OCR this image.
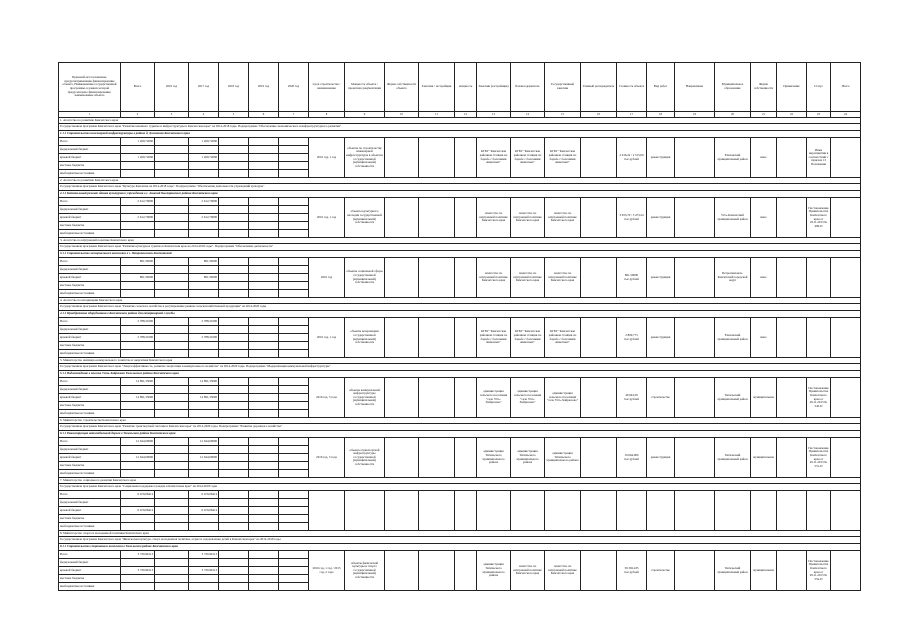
Правовой акт/соглашение, предусматривающие финансирование объекта, Наименование государственной программы, в рамках которой предусмотрено финансирование; наименование объекта	Всего	2016 год	2017 год	2018 год	2019 год	2020 год	Срок строительства / наименование	Мощность объекта / проектная документация	Форма собственности объекта	Заказчик / застройщик	мощность	Заказчик (застройщик)	Балансодержатель	Государственный заказчик	Главный распорядитель	Стоимость объекта	Вид работ	Направление	Муниципальное образование	Форма собственности	Примечание	Статус	Итого
1	2	3	4	5	6	7	8	9	10	11	12	13	14	15	16	17	18	19	20	21	22	23	24
1. Агентство по развитию Камчатского края																							
Государственная программа Камчатского края "Развитие внешнего туризма и инфраструктуры в Камчатском крае" на 2014-2018 годы. Подпрограмма "Обеспечение экономического и инфраструктурного развития"																							
1.1.1 Строительство инженерной инфраструктуры в районе д. Долиновка Камчатского края																							
Всего	1 200,72000		1 200,72000				2016 год, 1 год	объекты по строительству инженерной инфраструктуры в объектах государственной (муниципальной) собственности				КГБУ "Камчатская районная станция по борьбе с болезнями животных"	КГБУ "Камчатская районная станция по борьбе с болезнями животных"	КГБУ "Камчатская районная станция по борьбе с болезнями животных"		2 616,22 / 2 515,00 тыс.рублей	реконструкция		Елизовский муниципальный район	иное		Иные мероприятия в соответствии с пунктом 13 Положения	
федеральный бюджет																							
краевой бюджет	1 200,72000		1 200,72000																				
местные бюджеты																							
внебюджетные источники																							
2. Агентство по развитию Камчатского края																							
Государственная программа Камчатского края "Культура Камчатки на 2014-2018 годы". Подпрограмма "Обеспечение деятельности учреждений культуры"																							
2.1.1 Капитальный ремонт здания культурного учреждения в с. Анавгай Быстринского района Камчатского края																							
Всего	2 612,70000		2 612,70000				2016 год, 1 год	объекты культурного наследия государственной (муниципальной) собственности				Агентство по внутренней политике Камчатского края	Агентство по внутренней политике Камчатского края	Агентство по внутренней политике Камчатского края		3 653,70 / 3 473,24 тыс.рублей	реконструкция		Усть-Камчатский муниципальный район	иное		Постановление Правительства Камчатского края от 18.11.2013 № 499-П	
федеральный бюджет																							
краевой бюджет	2 612,70000		2 612,70000																				
местные бюджеты																							
внебюджетные источники																							
3. Агентство по внутренней политике Камчатского края																							
Государственная программа Камчатского края "Развитие культуры и туризма в Камчатском крае на 2014-2018 годы". Подпрограмма "Обеспечение деятельности"																							
3.1.1 Строительство мемориального комплекса в г. Петропавловск-Камчатский																							
Всего	861,50000		861,50000				2016 год	объекты социальной сферы государственной (муниципальной) собственности				Агентство по внутренней политике Камчатского края	Агентство по внутренней политике Камчатского края	Агентство по внутренней политике Камчатского края		861,50000 тыс.рублей	реконструкция		Петропавловск-Камчатский городской округ	иное			
федеральный бюджет																							
краевой бюджет	861,50000		861,50000																				
местные бюджеты																							
внебюджетные источники																							
4. Агентство по ветеринарии Камчатского края																							
Государственная программа Камчатского края "Развитие сельского хозяйства и регулирование рынков сельскохозяйственной продукции" на 2014-2020 годы																							
4.1.1 Приобретение оборудования в Камчатском районе для ветеринарной службы																							
Всего	2 788,31000		2 788,31000				2016 год, 1 год	объекты ветеринарии государственной (муниципальной) собственности				КГБУ "Камчатская районная станция по борьбе с болезнями животных"	КГБУ "Камчатская районная станция по борьбе с болезнями животных"	КГБУ "Камчатская районная станция по борьбе с болезнями животных"		2 800,773 тыс.рублей	реконструкция		Елизовский муниципальный район	иное			
федеральный бюджет																							
краевой бюджет	2 788,31000		2 788,31000																				
местные бюджеты																							
внебюджетные источники																							
5. Министерство жилищно-коммунального хозяйства и энергетики Камчатского края																							
Государственная программа Камчатского края "Энергоэффективность, развитие энергетики и коммунального хозяйства" на 2014-2020 годы. Подпрограмма "Модернизация коммунальной инфраструктуры"																							
5.1.1 Водоотведение в поселке Усть-Хайрюзово Тигильского района Камчатского края																							
Всего	14 891,33000		14 891,33000				2016 год, 3 года	объекты коммунальной инфраструктуры государственной (муниципальной) собственности				администрация сельского поселения "село Усть-Хайрюзово"	администрация сельского поселения "село Усть-Хайрюзово"	администрация сельского поселения "село Усть-Хайрюзово"		40 044,59 тыс.рублей	строительство		Тигильский муниципальный район	муниципальная		Постановление Правительства Камчатского края от 29.11.2013 № 545-П	
федеральный бюджет																							
краевой бюджет	14 891,33000		14 891,33000																				
местные бюджеты																							
внебюджетные источники																							
6. Министерство строительства Камчатского края																							
Государственная программа Камчатского края "Развитие транспортной системы в Камчатском крае" на 2014-2020 годы. Подпрограмма "Развитие дорожного хозяйства"																							
6.1.1 Реконструкция автомобильной дороги в Тигильском районе Камчатского края																							
Всего	12 644,00000		12 644,00000				2016 год, 3 года	объекты транспортной инфраструктуры государственной (муниципальной) собственности				администрация Тигильского муниципального района	администрация Тигильского муниципального района	администрация Тигильского муниципального района		19 664,000 тыс.рублей	реконструкция		Тигильский муниципальный район	муниципальная		Постановление Правительства Камчатского края от 29.11.2013 № 551-П	
федеральный бюджет																							
краевой бюджет	12 644,00000		12 644,00000																				
местные бюджеты																							
внебюджетные источники																							
7. Министерство социального развития Камчатского края																							
Государственная программа Камчатского края "Социальная поддержка граждан в Камчатском крае" на 2014-2018 годы																							
Всего	6 479,06414		6 479,06414																				
федеральный бюджет																							
краевой бюджет	6 479,06414		6 479,06414																				
местные бюджеты																							
внебюджетные источники																							
8. Министерство спорта и молодежной политики Камчатского края																							
Государственная программа Камчатского края "Физическая культура, спорт, молодежная политика, отдых и оздоровление детей в Камчатском крае" на 2014-2018 годы																							
8.1.1 Строительство спортивного комплекса в Тигильском районе Камчатского края																							
Всего	3 729,96113		3 729,96113				2016 год, 1 год / 2015 год, 2 года	объекты физической культуры и спорта государственной (муниципальной) собственности				администрация Тигильского муниципального района	Агентство по внутренней политике Камчатского края	Агентство по внутренней политике Камчатского края		36 302,433 тыс.рублей	строительство		Тигильский муниципальный район	муниципальная		Постановление Правительства Камчатского края от 29.11.2013 № 552-П	
федеральный бюджет																							
краевой бюджет	3 729,96113		3 729,96113																				
местные бюджеты																							
внебюджетные источники																							
